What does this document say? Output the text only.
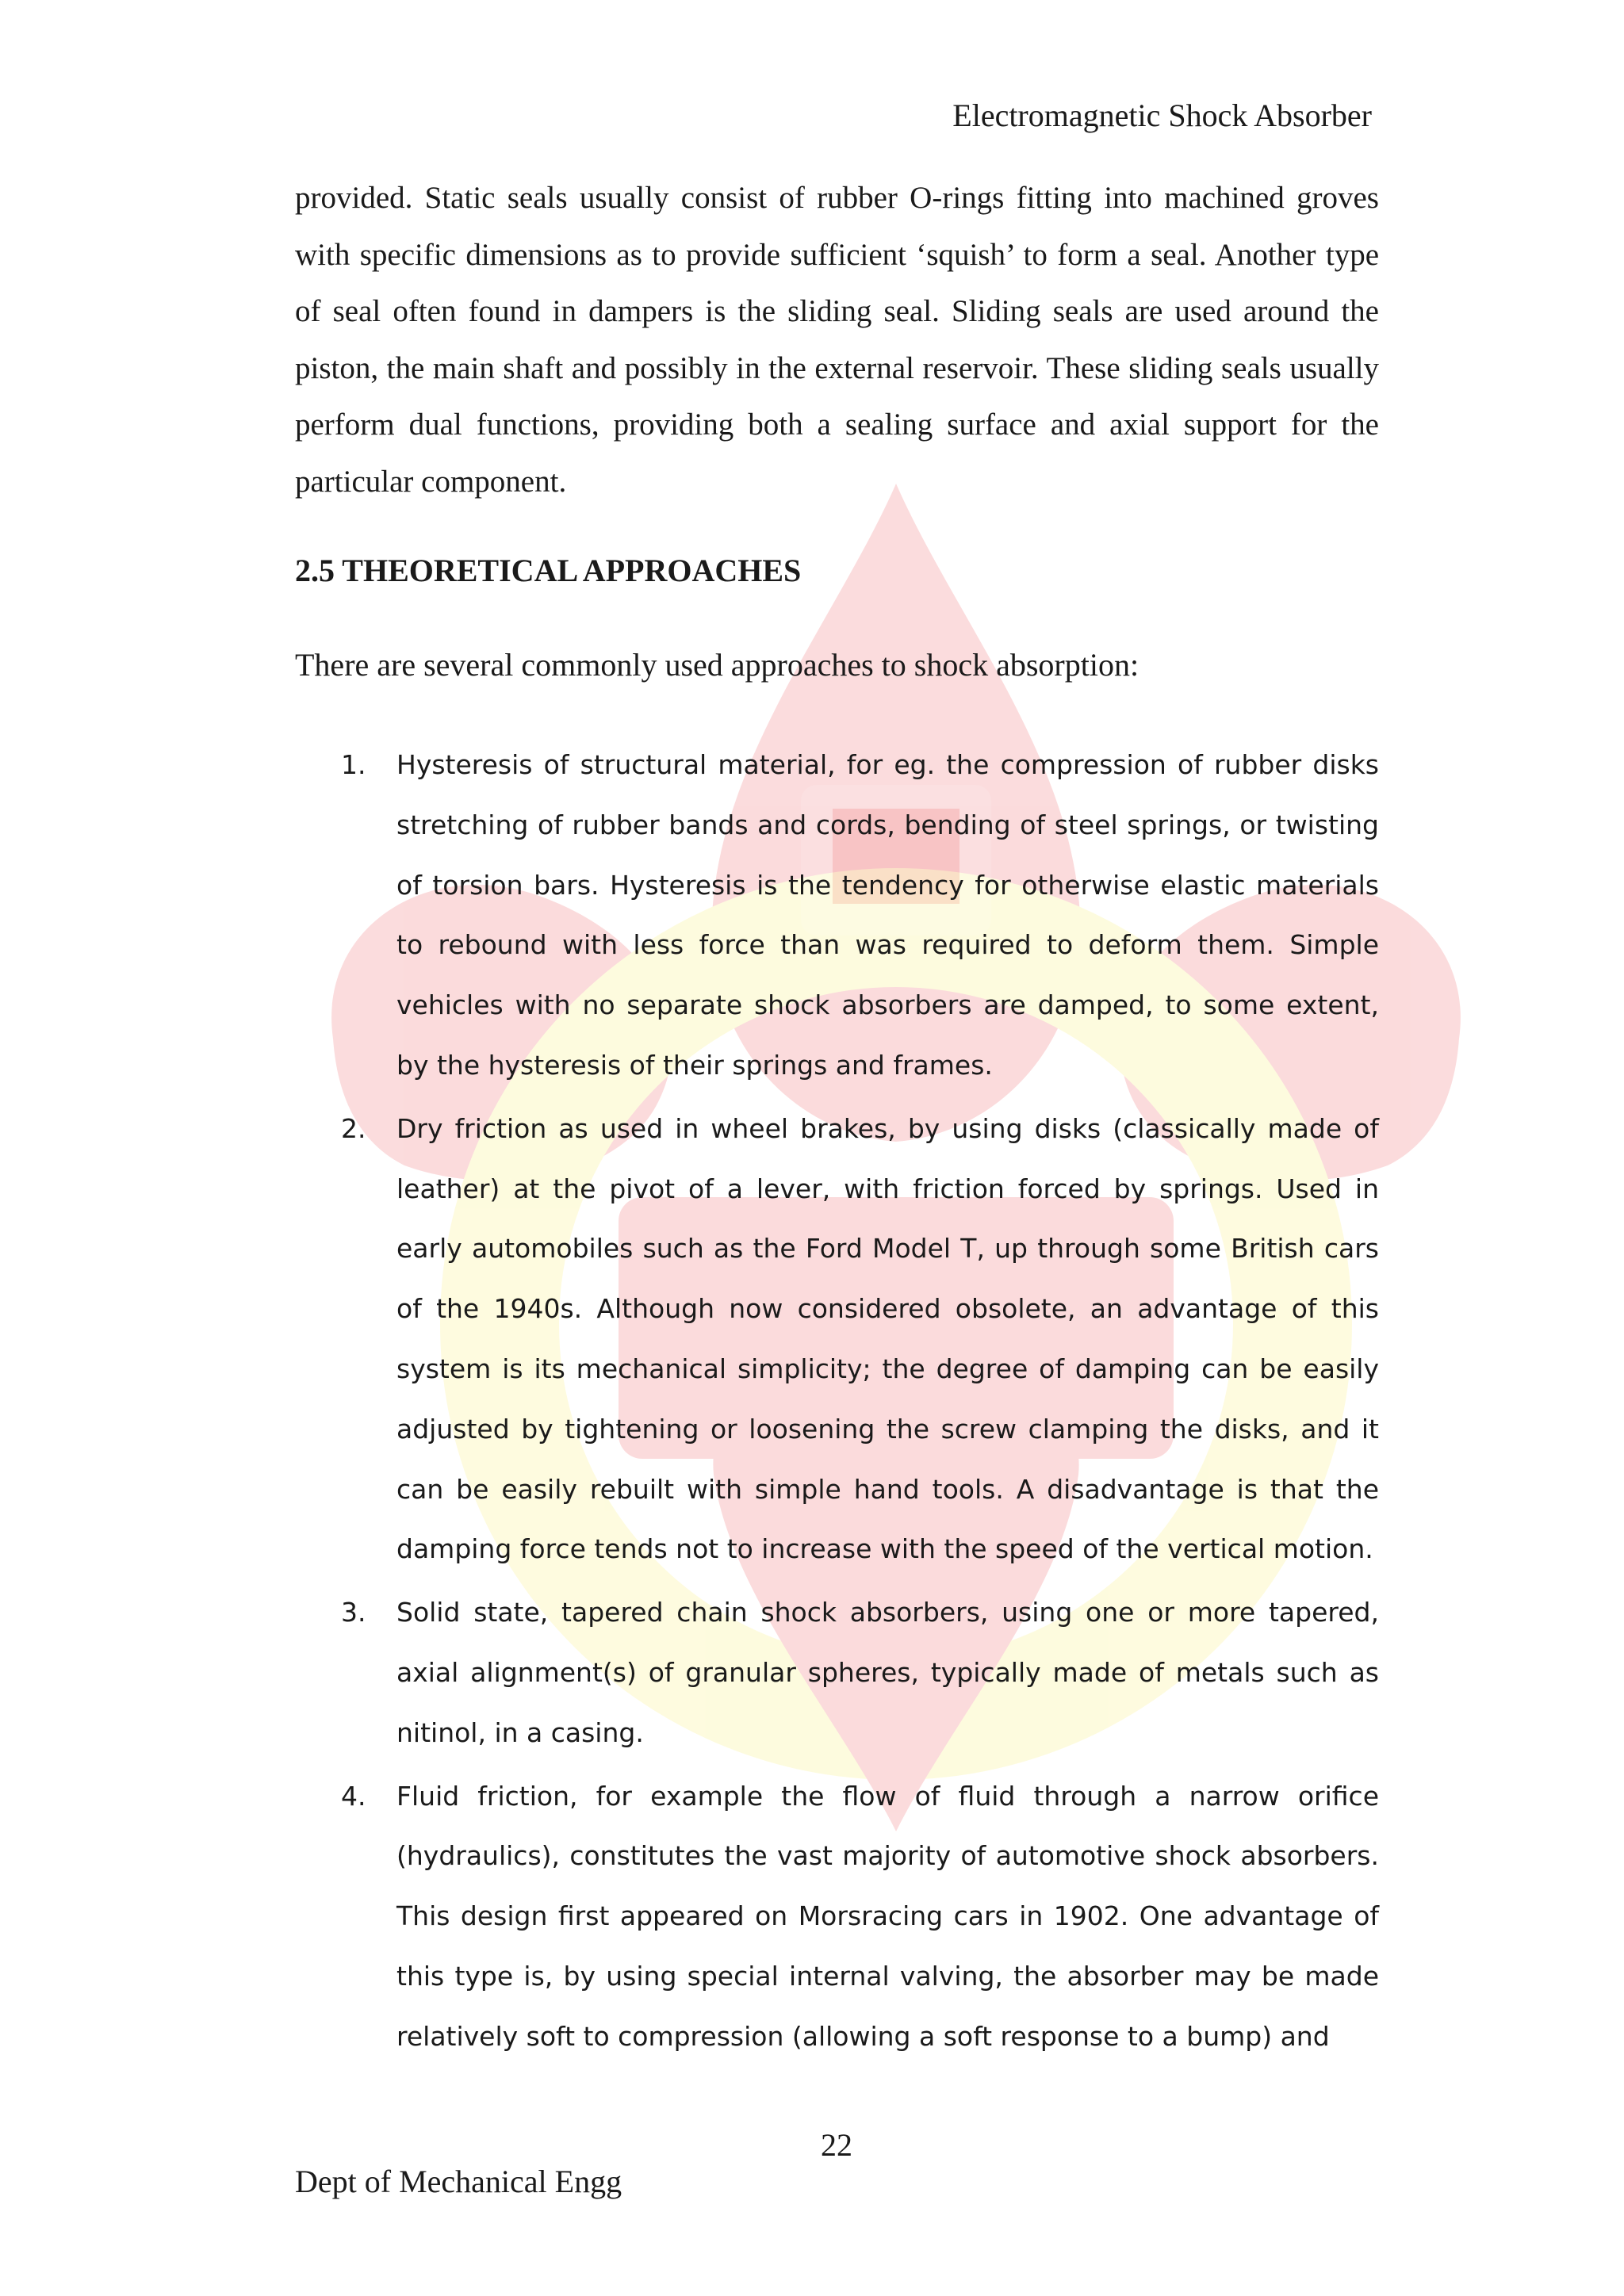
Electromagnetic Shock Absorber

provided. Static seals usually consist of rubber O-rings fitting into machined groves with specific dimensions as to provide sufficient ‘squish’ to form a seal. Another type of seal often found in dampers is the sliding seal. Sliding seals are used around the piston, the main shaft and possibly in the external reservoir. These sliding seals usually perform dual functions, providing both a sealing surface and axial support for the particular component.

2.5 THEORETICAL APPROACHES
There are several commonly used approaches to shock absorption:
1.	Hysteresis of structural material, for eg. the compression of rubber disks stretching of rubber bands and cords, bending of steel springs, or twisting of torsion bars. Hysteresis is the tendency for otherwise elastic materials to rebound with less force than was required to deform them. Simple vehicles with no separate shock absorbers are damped, to some extent, by the hysteresis of their springs and frames.
2.	Dry friction as used in wheel brakes, by using disks (classically made of leather) at the pivot of a lever, with friction forced by springs. Used in early automobiles such as the Ford Model T, up through some British cars of the 1940s. Although now considered obsolete, an advantage of this system is its mechanical simplicity; the degree of damping can be easily adjusted by tightening or loosening the screw clamping the disks, and it can be easily rebuilt with simple hand tools. A disadvantage is that the damping force tends not to increase with the speed of the vertical motion.
3.	Solid state, tapered chain shock absorbers, using one or more tapered, axial alignment(s) of granular spheres, typically made of metals such as nitinol, in a casing.
4.	Fluid friction, for example the flow of fluid through a narrow orifice (hydraulics), constitutes the vast majority of automotive shock absorbers. This design first appeared on Morsracing cars in 1902. One advantage of this type is, by using special internal valving, the absorber may be made relatively soft to compression (allowing a soft response to a bump) and
22
Dept of Mechanical Engg
